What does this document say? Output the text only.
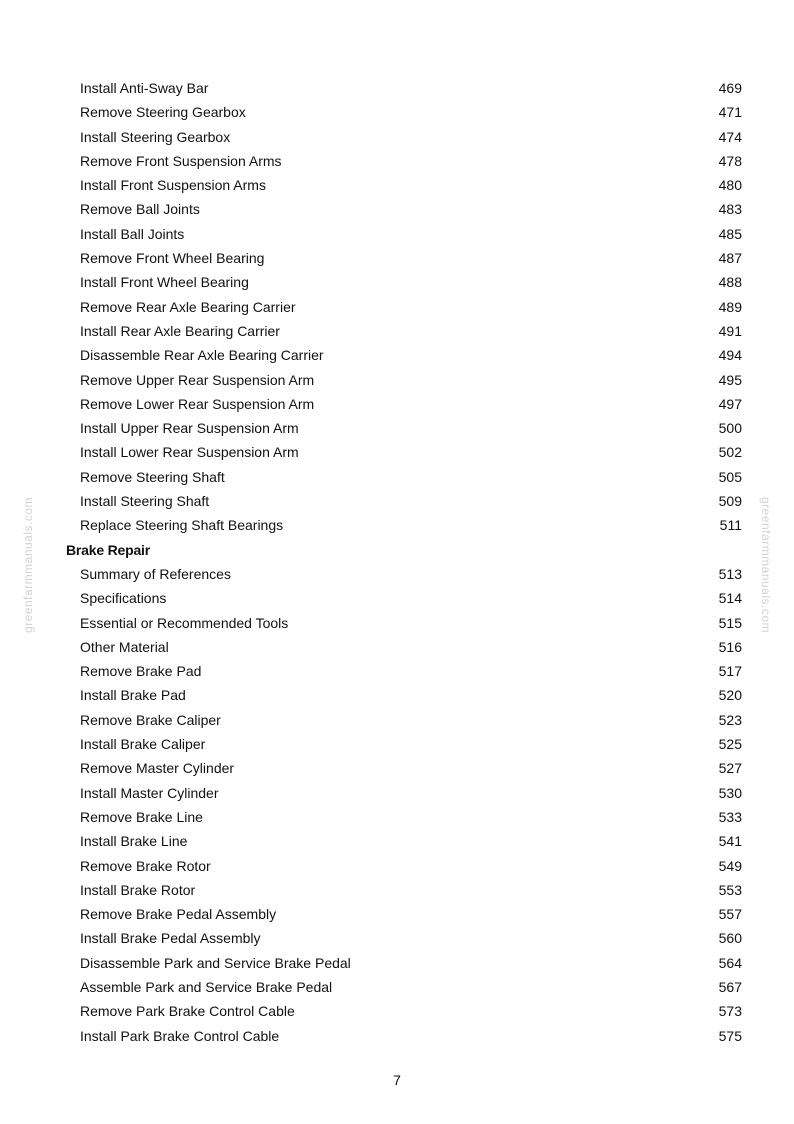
greenfarmmanuals.com	greenfarmmanuals.com
Install Anti-Sway Bar	469
Remove Steering Gearbox	471
Install Steering Gearbox	474
Remove Front Suspension Arms	478
Install Front Suspension Arms	480
Remove Ball Joints	483
Install Ball Joints	485
Remove Front Wheel Bearing	487
Install Front Wheel Bearing	488
Remove Rear Axle Bearing Carrier	489
Install Rear Axle Bearing Carrier	491
Disassemble Rear Axle Bearing Carrier	494
Remove Upper Rear Suspension Arm	495
Remove Lower Rear Suspension Arm	497
Install Upper Rear Suspension Arm	500
Install Lower Rear Suspension Arm	502
Remove Steering Shaft	505
Install Steering Shaft	509
Replace Steering Shaft Bearings	511
Brake Repair
Summary of References	513
Specifications	514
Essential or Recommended Tools	515
Other Material	516
Remove Brake Pad	517
Install Brake Pad	520
Remove Brake Caliper	523
Install Brake Caliper	525
Remove Master Cylinder	527
Install Master Cylinder	530
Remove Brake Line	533
Install Brake Line	541
Remove Brake Rotor	549
Install Brake Rotor	553
Remove Brake Pedal Assembly	557
Install Brake Pedal Assembly	560
Disassemble Park and Service Brake Pedal	564
Assemble Park and Service Brake Pedal	567
Remove Park Brake Control Cable	573
Install Park Brake Control Cable	575
7
